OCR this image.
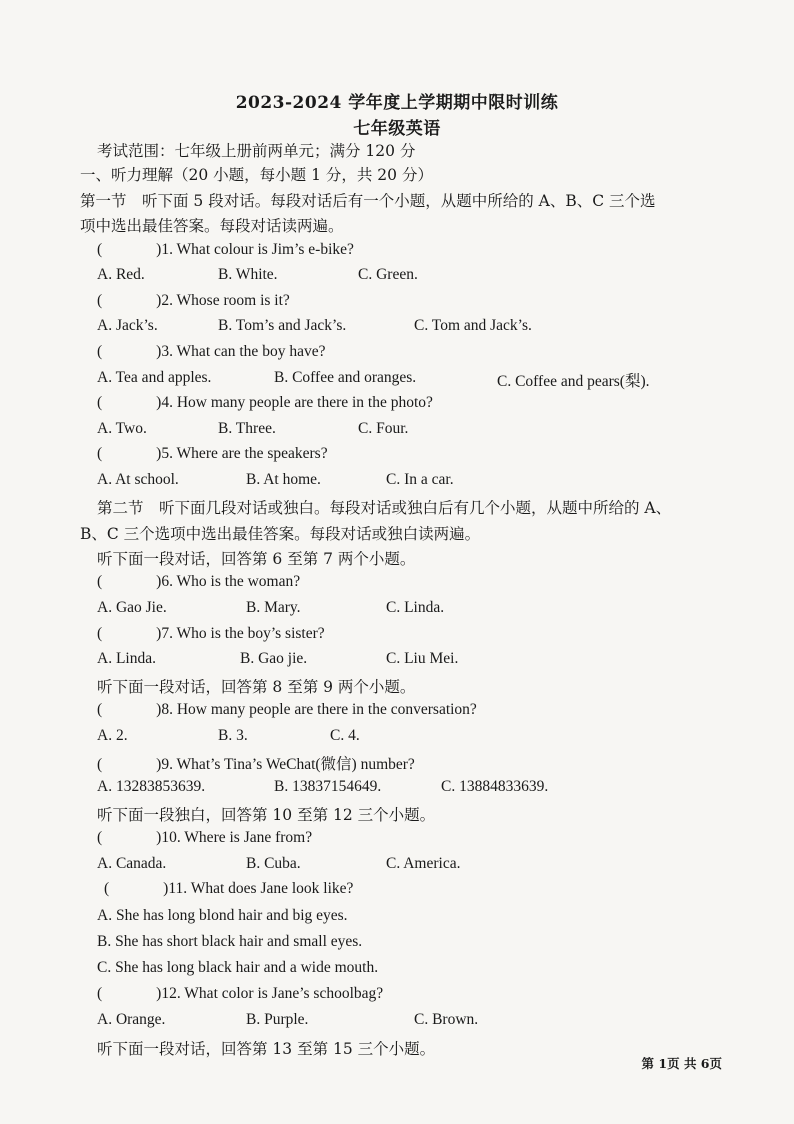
2023-2024 学年度上学期期中限时训练
七年级英语
考试范围：七年级上册前两单元；满分 120 分
一、听力理解（20 小题，每小题 1 分，共 20 分）
第一节　听下面 5 段对话。每段对话后有一个小题，从题中所给的 A、B、C 三个选
项中选出最佳答案。每段对话读两遍。
(	)1. What colour is Jim’s e-bike?
A. Red.	B. White.	C. Green.
(	)2. Whose room is it?
A. Jack’s.	B. Tom’s and Jack’s.	C. Tom and Jack’s.
(	)3. What can the boy have?
A. Tea and apples.	B. Coffee and oranges.	C. Coffee and pears(梨).
(	)4. How many people are there in the photo?
A. Two.	B. Three.	C. Four.
(	)5. Where are the speakers?
A. At school.	B. At home.	C. In a car.
第二节　听下面几段对话或独白。每段对话或独白后有几个小题，从题中所给的 A、
B、C 三个选项中选出最佳答案。每段对话或独白读两遍。
听下面一段对话，回答第 6 至第 7 两个小题。
(	)6. Who is the woman?
A. Gao Jie.	B. Mary.	C. Linda.
(	)7. Who is the boy’s sister?
A. Linda.	B. Gao jie.	C. Liu Mei.
听下面一段对话，回答第 8 至第 9 两个小题。
(	)8. How many people are there in the conversation?
A. 2.	B. 3.	C. 4.
(	)9. What’s Tina’s WeChat(微信) number?
A. 13283853639.	B. 13837154649.	C. 13884833639.
听下面一段独白，回答第 10 至第 12 三个小题。
(	)10. Where is Jane from?
A. Canada.	B. Cuba.	C. America.
(	)11. What does Jane look like?
A. She has long blond hair and big eyes.
B. She has short black hair and small eyes.
C. She has long black hair and a wide mouth.
(	)12. What color is Jane’s schoolbag?
A. Orange.	B. Purple.	C. Brown.
听下面一段对话，回答第 13 至第 15 三个小题。
第 1页 共 6页
